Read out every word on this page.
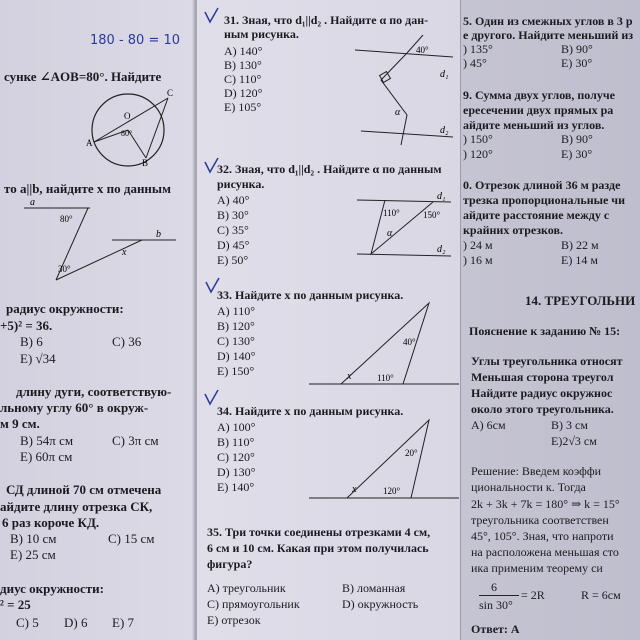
180 - 80 = 10
сунке ∠AOB=80°. Найдите
O
C
A
B
80°
то a||b, найдите x по данным
a
b
x
80°
30°
радиус окружности:
+5)² = 36.
В) 6	С) 36
Е) √34
длину дуги, соответствую-
льному углу 60° в окруж-
м 9 см.
В) 54π см	С) 3π см
Е) 60π см
СД длиной 70 см отмечена
айдите длину отрезка СК,
6 раз короче КД.
В) 10 см	С) 15 см
Е) 25 см
диус окружности:
² = 25
С) 5 D) 6 Е) 7
31. Зная, что d₁||d₂ . Найдите α по дан-
ным рисунка.
А) 140°
В) 130°
С) 110°
D) 120°
Е) 105°
40°
d₁
d₂
α
32. Зная, что d₁||d₂ . Найдите α по данным
рисунка.
А) 40°
В) 30°
С) 35°
D) 45°
Е) 50°
110°	150°
d₁
d₂
α
33. Найдите x по данным рисунка.
А) 110°
В) 120°
С) 130°
D) 140°
Е) 150°
40°
110°
x
34. Найдите x по данным рисунка.
А) 100°
В) 110°
С) 120°
D) 130°
Е) 140°
20°
120°
x
35. Три точки соединены отрезками 4 см,
6 см и 10 см. Какая при этом получилась
фигура?
А) треугольник	В) ломанная
С) прямоугольник	D) окружность
Е) отрезок
5. Один из смежных углов в 3 р
е другого. Найдите меньший из
) 135°	В) 90°
) 45°	Е) 30°
9. Сумма двух углов, получе
ересечении двух прямых ра
айдите меньший из углов.
) 150°	В) 90°
) 120°	Е) 30°
0. Отрезок длиной 36 м разде
трезка пропорциональные чи
айдите расстояние между с
крайних отрезков.
) 24 м	В) 22 м
) 16 м	Е) 14 м
14. ТРЕУГОЛЬНИ
Пояснение к заданию № 15:
Углы треугольника относят
Меньшая сторона треугол
Найдите радиус окружнос
около этого треугольника.
А) 6см	В) 3 см
Е)2√3 см
Решение: Введем коэффи
циональности к. Тогда
2k + 3k + 7k = 180° ⇒ k = 15°
треугольника соответствен
45°, 105°. Зная, что напроти
на расположена меньшая сто
ика применим теорему си
6
sin 30°
= 2R	R = 6см
Ответ: А
